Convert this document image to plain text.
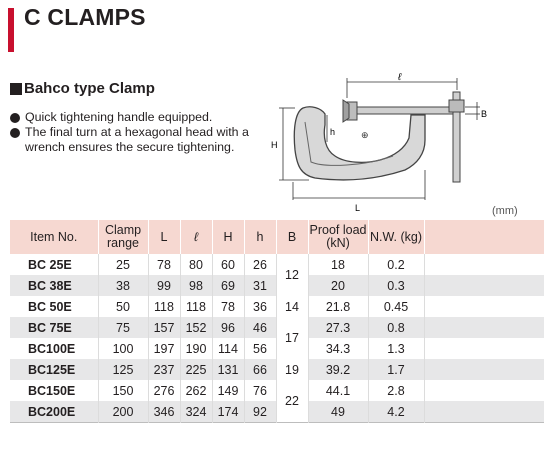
C CLAMPS
Bahco type Clamp
Quick tightening handle equipped.
The final turn at a hexagonal head with a wrench ensures the secure tightening.
⊕
ℓ
B
h
H
L	(mm)
Item No.	Clamp range	L	ℓ	H	h	B	Proof load (kN)	N.W. (kg)	
BC 25E	25	78	80	60	26	12	18	0.2	
BC 38E	38	99	98	69	31		20	0.3	
BC 50E	50	118	118	78	36	14	21.8	0.45	
BC 75E	75	157	152	96	46	17	27.3	0.8	
BC100E	100	197	190	114	56		34.3	1.3	
BC125E	125	237	225	131	66	19	39.2	1.7	
BC150E	150	276	262	149	76	22	44.1	2.8	
BC200E	200	346	324	174	92		49	4.2	
